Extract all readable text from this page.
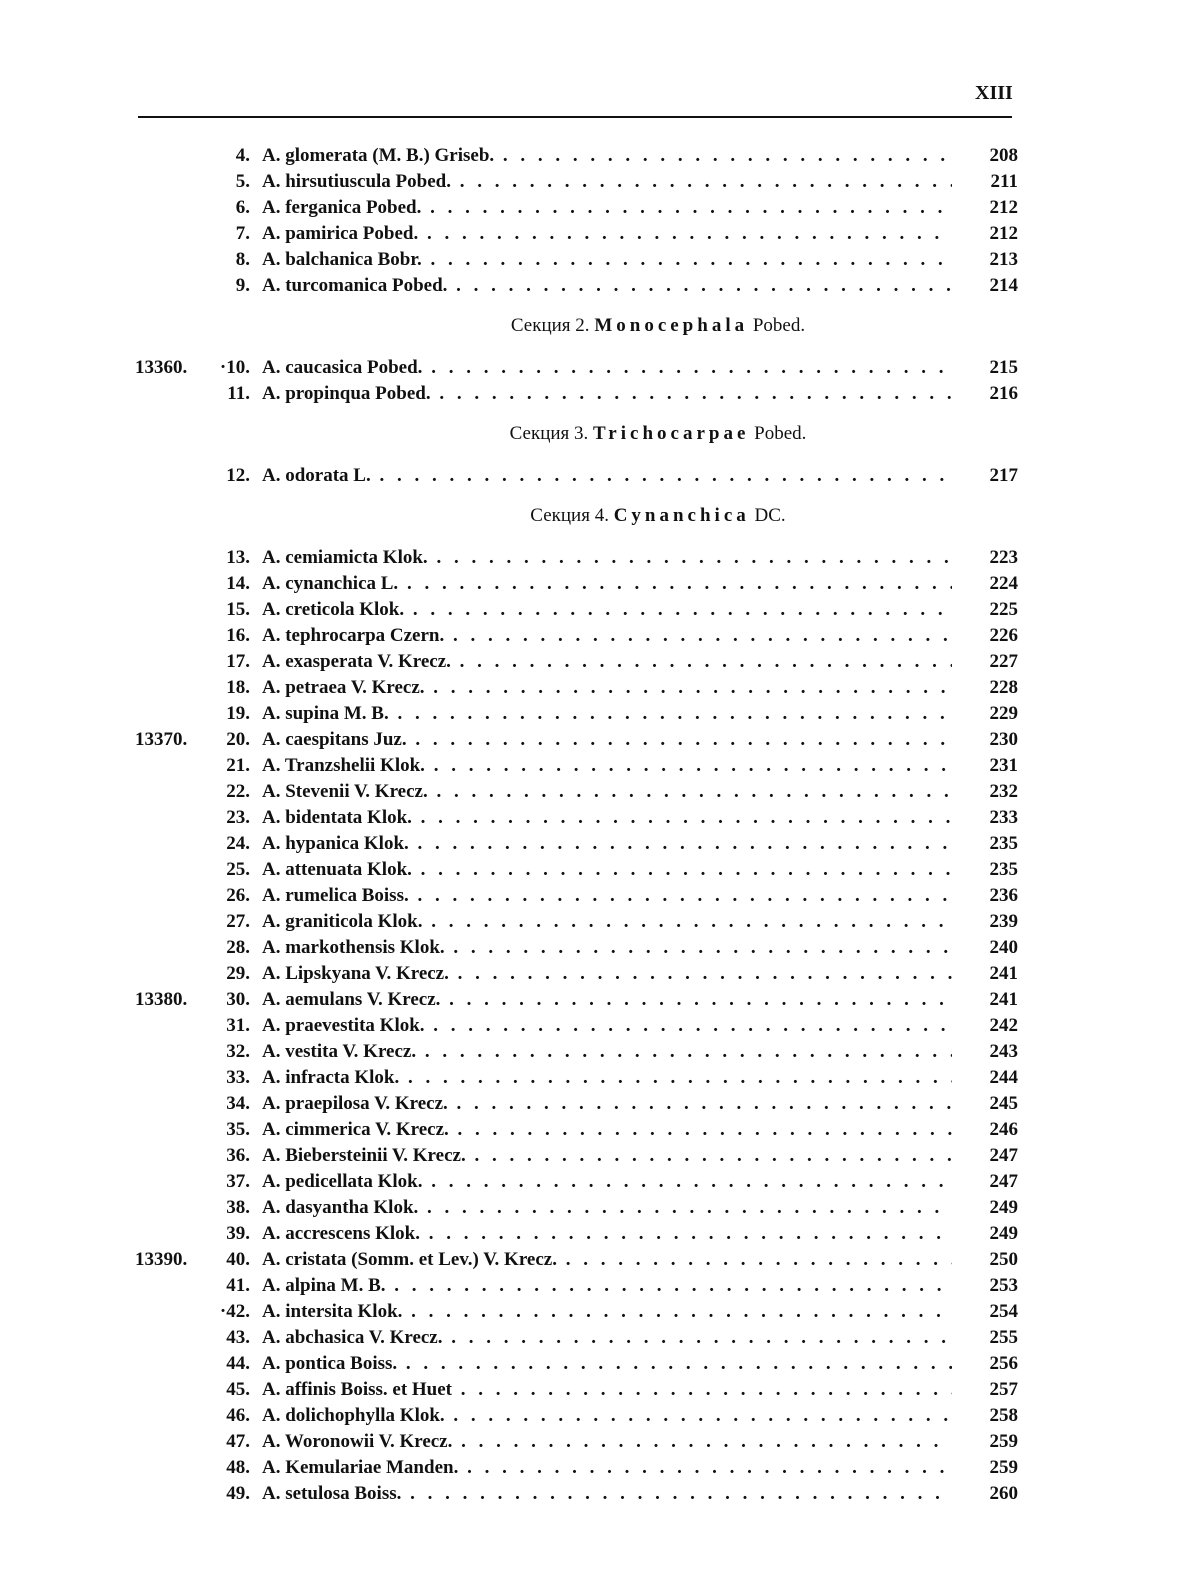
XIII
4. A. glomerata (M. B.) Griseb. . . .	208
5. A. hirsutiuscula Pobed. . . .	211
6. A. ferganica Pobed. . . .	212
7. A. pamirica Pobed. . . .	212
8. A. balchanica Bobr. . . .	213
9. A. turcomanica Pobed. . . .	214
Секция 2. Monocephala Pobed.
13360.	·10. A. caucasica Pobed. . . .	215
11. A. propinqua Pobed. . . .	216
Секция 3. Trichocarpae Pobed.
12. A. odorata L. . . .	217
Секция 4. Cynanchica DC.
13. A. cemiamicta Klok. . . .	223
14. A. cynanchica L. . . .	224
15. A. creticola Klok. . . .	225
16. A. tephrocarpa Czern. . . .	226
17. A. exasperata V. Krecz. . . .	227
18. A. petraea V. Krecz. . . .	228
19. A. supina M. B. . . .	229
13370.	20. A. caespitans Juz. . . .	230
21. A. Tranzshelii Klok. . . .	231
22. A. Stevenii V. Krecz. . . .	232
23. A. bidentata Klok. . . .	233
24. A. hypanica Klok. . . .	235
25. A. attenuata Klok. . . .	235
26. A. rumelica Boiss. . . .	236
27. A. graniticola Klok. . . .	239
28. A. markothensis Klok. . . .	240
29. A. Lipskyana V. Krecz. . . .	241
13380.	30. A. aemulans V. Krecz. . . .	241
31. A. praevestita Klok. . . .	242
32. A. vestita V. Krecz. . . .	243
33. A. infracta Klok. . . .	244
34. A. praepilosa V. Krecz. . . .	245
35. A. cimmerica V. Krecz. . . .	246
36. A. Biebersteinii V. Krecz. . . .	247
37. A. pedicellata Klok. . . .	247
38. A. dasyantha Klok. . . .	249
39. A. accrescens Klok. . . .	249
13390.	40. A. cristata (Somm. et Lev.) V. Krecz. . . .	250
41. A. alpina M. B. . . .	253
·42. A. intersita Klok. . . .	254
43. A. abchasica V. Krecz. . . .	255
44. A. pontica Boiss. . . .	256
45. A. affinis Boiss. et Huet . . .	257
46. A. dolichophylla Klok. . . .	258
47. A. Woronowii V. Krecz. . . .	259
48. A. Kemulariae Manden. . . .	259
49. A. setulosa Boiss. . . .	260
